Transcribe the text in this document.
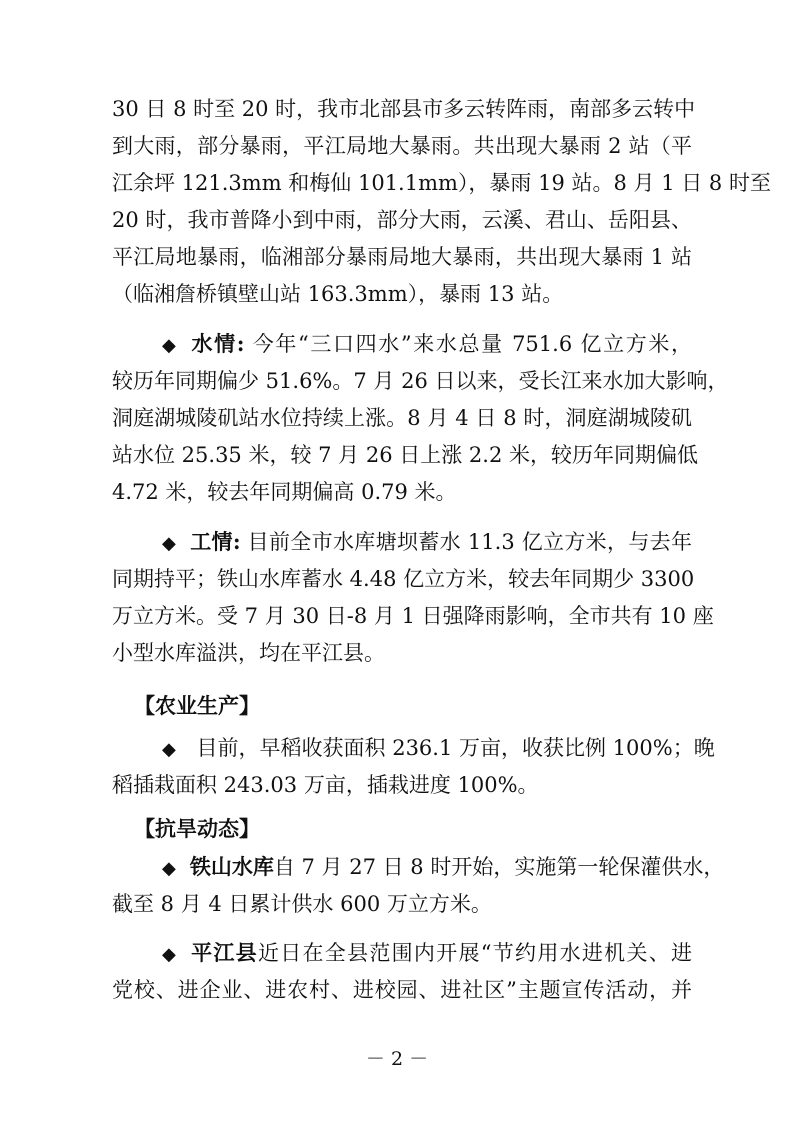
30 日 8 时至 20 时，我市北部县市多云转阵雨，南部多云转中
到大雨，部分暴雨，平江局地大暴雨。共出现大暴雨 2 站（平
江余坪 121.3mm 和梅仙 101.1mm），暴雨 19 站。8 月 1 日 8 时至
20 时，我市普降小到中雨，部分大雨，云溪、君山、岳阳县、
平江局地暴雨，临湘部分暴雨局地大暴雨，共出现大暴雨 1 站
（临湘詹桥镇壁山站 163.3mm），暴雨 13 站。
◆ 水情: 今年“三口四水”来水总量 751.6 亿立方米，
较历年同期偏少 51.6%。7 月 26 日以来，受长江来水加大影响，
洞庭湖城陵矶站水位持续上涨。8 月 4 日 8 时，洞庭湖城陵矶
站水位 25.35 米，较 7 月 26 日上涨 2.2 米，较历年同期偏低
4.72 米，较去年同期偏高 0.79 米。
◆ 工情: 目前全市水库塘坝蓄水 11.3 亿立方米，与去年
同期持平；铁山水库蓄水 4.48 亿立方米，较去年同期少 3300
万立方米。受 7 月 30 日-8 月 1 日强降雨影响，全市共有 10 座
小型水库溢洪，均在平江县。
【农业生产】
◆ 目前，早稻收获面积 236.1 万亩，收获比例 100%；晚
稻插栽面积 243.03 万亩，插栽进度 100%。
【抗旱动态】
◆ 铁山水库自 7 月 27 日 8 时开始，实施第一轮保灌供水，
截至 8 月 4 日累计供水 600 万立方米。
◆ 平江县近日在全县范围内开展“节约用水进机关、进
党校、进企业、进农村、进校园、进社区”主题宣传活动，并
－ 2 －
